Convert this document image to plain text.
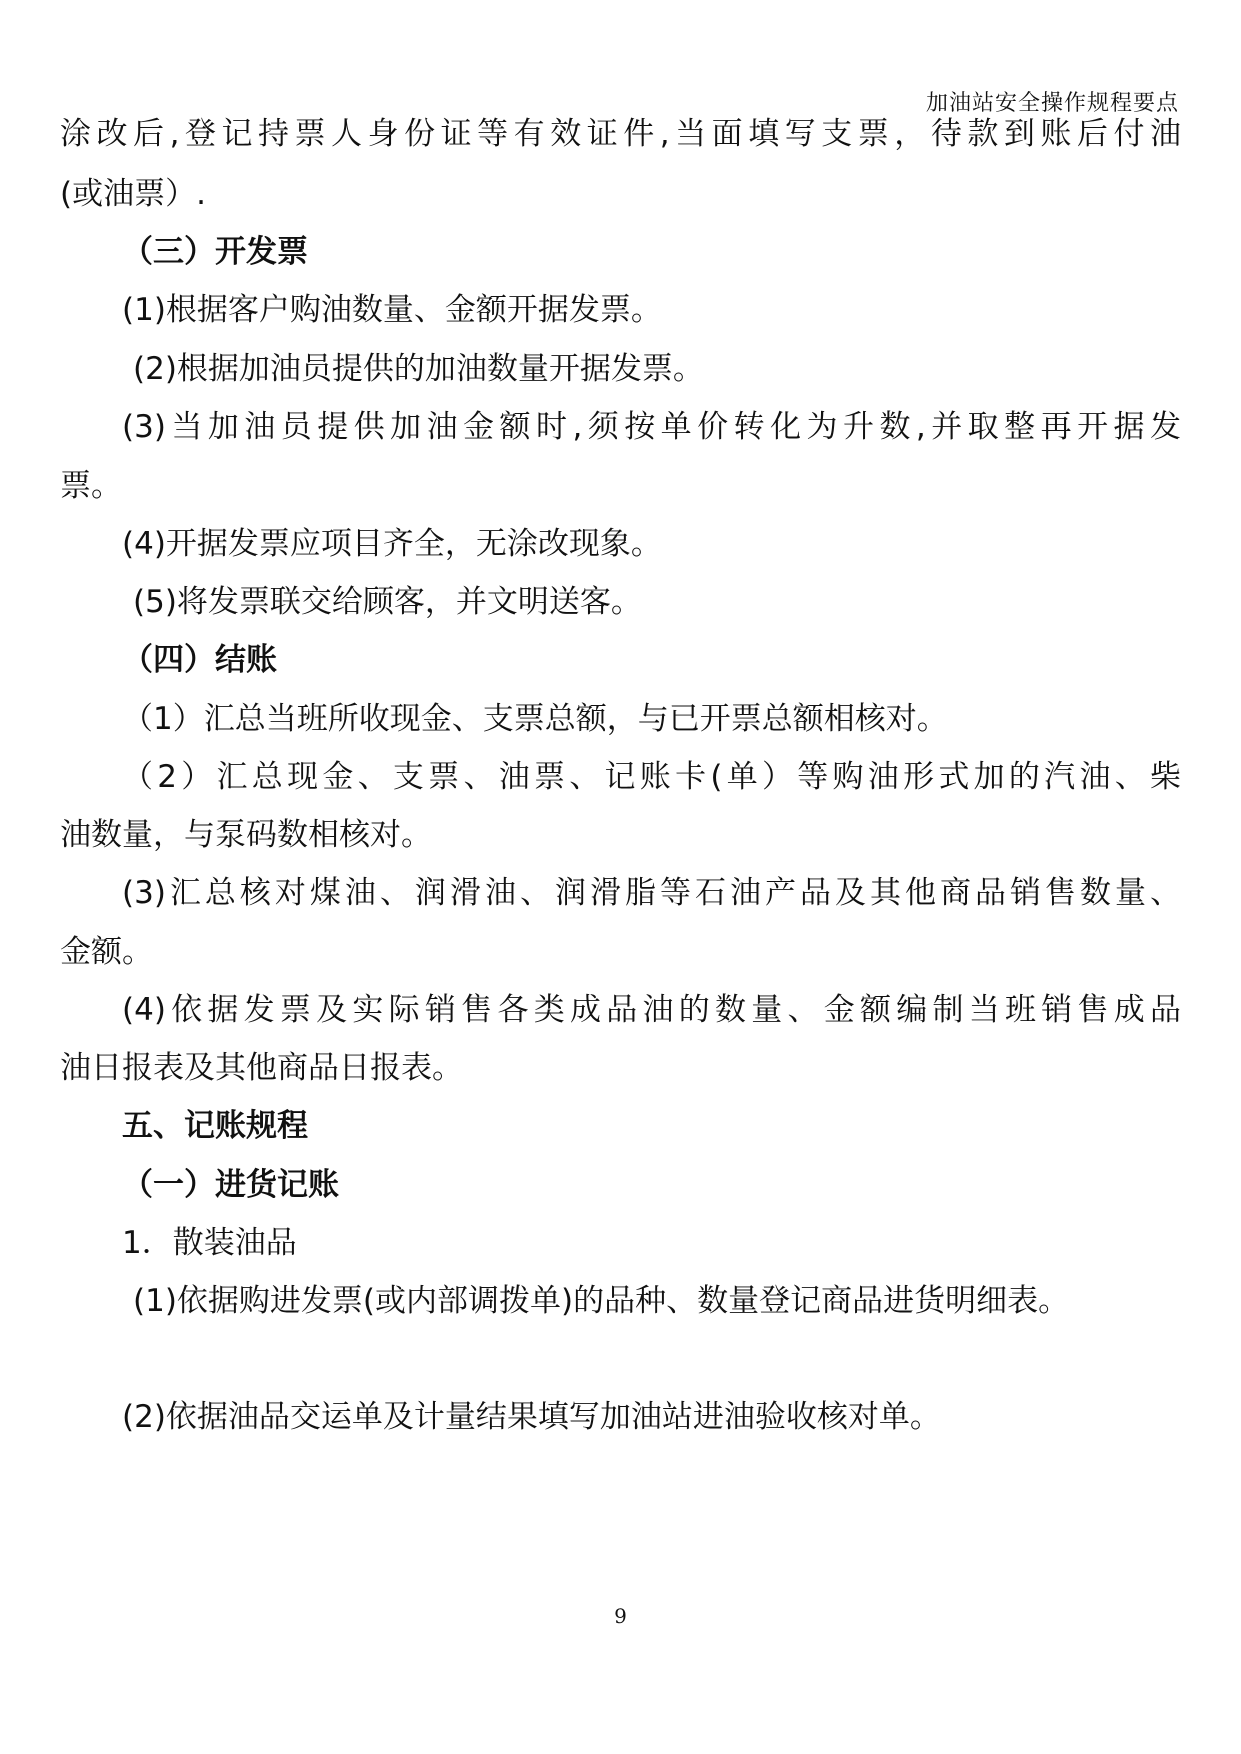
加油站安全操作规程要点
涂改后,登记持票人身份证等有效证件,当面填写支票，待款到账后付油
(或油票）.
（三）开发票
(1)根据客户购油数量、金额开据发票。
(2)根据加油员提供的加油数量开据发票。
(3)当加油员提供加油金额时,须按单价转化为升数,并取整再开据发
票。
(4)开据发票应项目齐全，无涂改现象。
(5)将发票联交给顾客，并文明送客。
（四）结账
（1）汇总当班所收现金、支票总额，与已开票总额相核对。
（2）汇总现金、支票、油票、记账卡(单）等购油形式加的汽油、柴
油数量，与泵码数相核对。
(3)汇总核对煤油、润滑油、润滑脂等石油产品及其他商品销售数量、
金额。
(4)依据发票及实际销售各类成品油的数量、金额编制当班销售成品
油日报表及其他商品日报表。
五、记账规程
（一）进货记账
1．散装油品
(1)依据购进发票(或内部调拨单)的品种、数量登记商品进货明细表。
(2)依据油品交运单及计量结果填写加油站进油验收核对单。
9
